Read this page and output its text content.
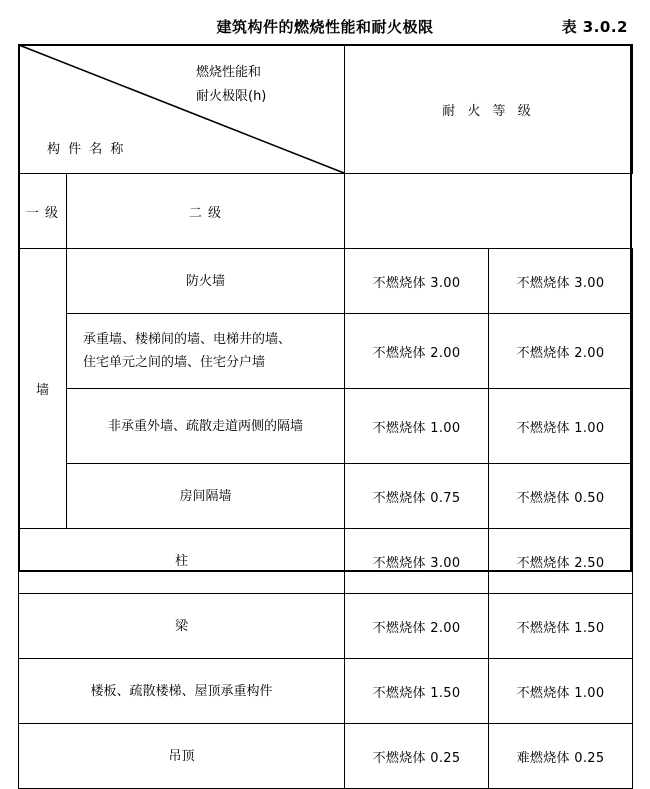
建筑构件的燃烧性能和耐火极限	表 3.0.2
燃烧性能和
耐火极限(h)
构 件 名 称		耐 火 等 级	
一 级	二 级		
墙	防火墙	不燃烧体 3.00	不燃烧体 3.00

	承重墙、楼梯间的墙、电梯井的墙、
住宅单元之间的墙、住宅分户墙	不燃烧体 2.00	不燃烧体 2.00
	非承重外墙、疏散走道两侧的隔墙	不燃烧体 1.00	不燃烧体 1.00
	房间隔墙	不燃烧体 0.75	不燃烧体 0.50
柱		不燃烧体 3.00	不燃烧体 2.50
梁		不燃烧体 2.00	不燃烧体 1.50
楼板、疏散楼梯、屋顶承重构件		不燃烧体 1.50	不燃烧体 1.00
吊顶		不燃烧体 0.25	难燃烧体 0.25
